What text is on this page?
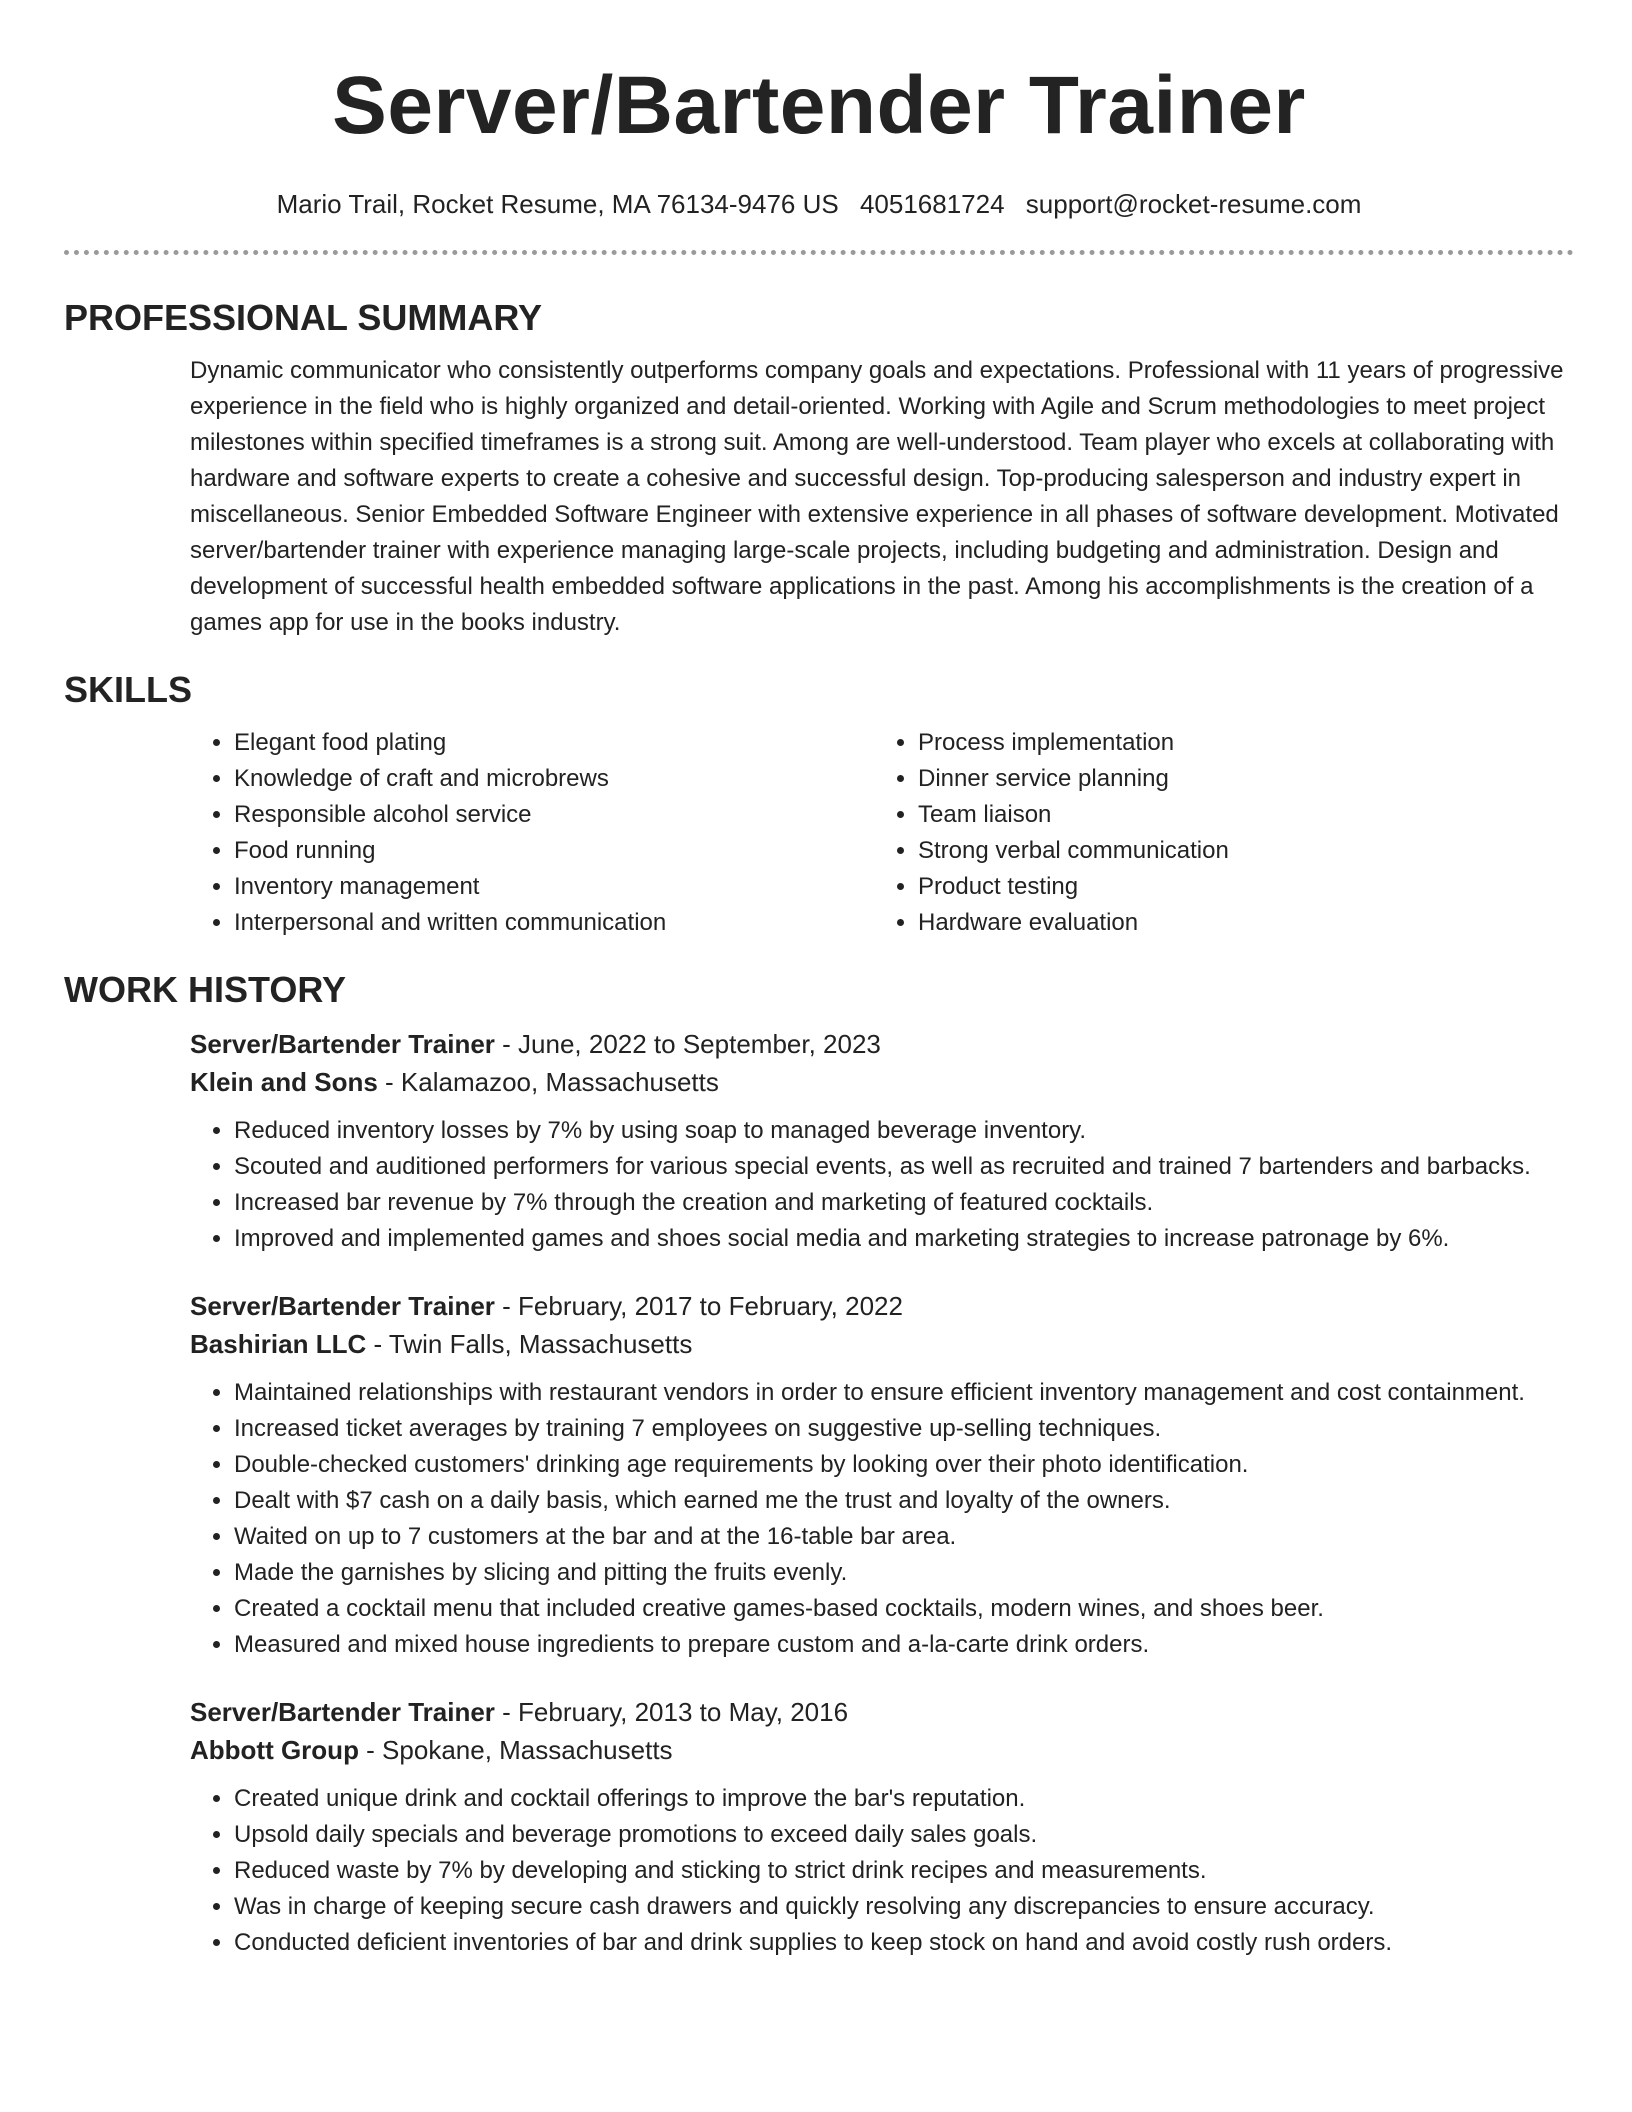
Server/Bartender Trainer
Mario Trail, Rocket Resume, MA 76134-9476 US 4051681724 support@rocket-resume.com
PROFESSIONAL SUMMARY
Dynamic communicator who consistently outperforms company goals and expectations. Professional with 11 years of progressive experience in the field who is highly organized and detail-oriented. Working with Agile and Scrum methodologies to meet project milestones within specified timeframes is a strong suit. Among are well-understood. Team player who excels at collaborating with hardware and software experts to create a cohesive and successful design. Top-producing salesperson and industry expert in miscellaneous. Senior Embedded Software Engineer with extensive experience in all phases of software development. Motivated server/bartender trainer with experience managing large-scale projects, including budgeting and administration. Design and development of successful health embedded software applications in the past. Among his accomplishments is the creation of a games app for use in the books industry.
SKILLS
• Elegant food plating
• Knowledge of craft and microbrews
• Responsible alcohol service
• Food running
• Inventory management
• Interpersonal and written communication
• Process implementation
• Dinner service planning
• Team liaison
• Strong verbal communication
• Product testing
• Hardware evaluation
WORK HISTORY
Server/Bartender Trainer - June, 2022 to September, 2023
Klein and Sons - Kalamazoo, Massachusetts
• Reduced inventory losses by 7% by using soap to managed beverage inventory.
• Scouted and auditioned performers for various special events, as well as recruited and trained 7 bartenders and barbacks.
• Increased bar revenue by 7% through the creation and marketing of featured cocktails.
• Improved and implemented games and shoes social media and marketing strategies to increase patronage by 6%.
Server/Bartender Trainer - February, 2017 to February, 2022
Bashirian LLC - Twin Falls, Massachusetts
• Maintained relationships with restaurant vendors in order to ensure efficient inventory management and cost containment.
• Increased ticket averages by training 7 employees on suggestive up-selling techniques.
• Double-checked customers' drinking age requirements by looking over their photo identification.
• Dealt with $7 cash on a daily basis, which earned me the trust and loyalty of the owners.
• Waited on up to 7 customers at the bar and at the 16-table bar area.
• Made the garnishes by slicing and pitting the fruits evenly.
• Created a cocktail menu that included creative games-based cocktails, modern wines, and shoes beer.
• Measured and mixed house ingredients to prepare custom and a-la-carte drink orders.
Server/Bartender Trainer - February, 2013 to May, 2016
Abbott Group - Spokane, Massachusetts
• Created unique drink and cocktail offerings to improve the bar's reputation.
• Upsold daily specials and beverage promotions to exceed daily sales goals.
• Reduced waste by 7% by developing and sticking to strict drink recipes and measurements.
• Was in charge of keeping secure cash drawers and quickly resolving any discrepancies to ensure accuracy.
• Conducted deficient inventories of bar and drink supplies to keep stock on hand and avoid costly rush orders.
